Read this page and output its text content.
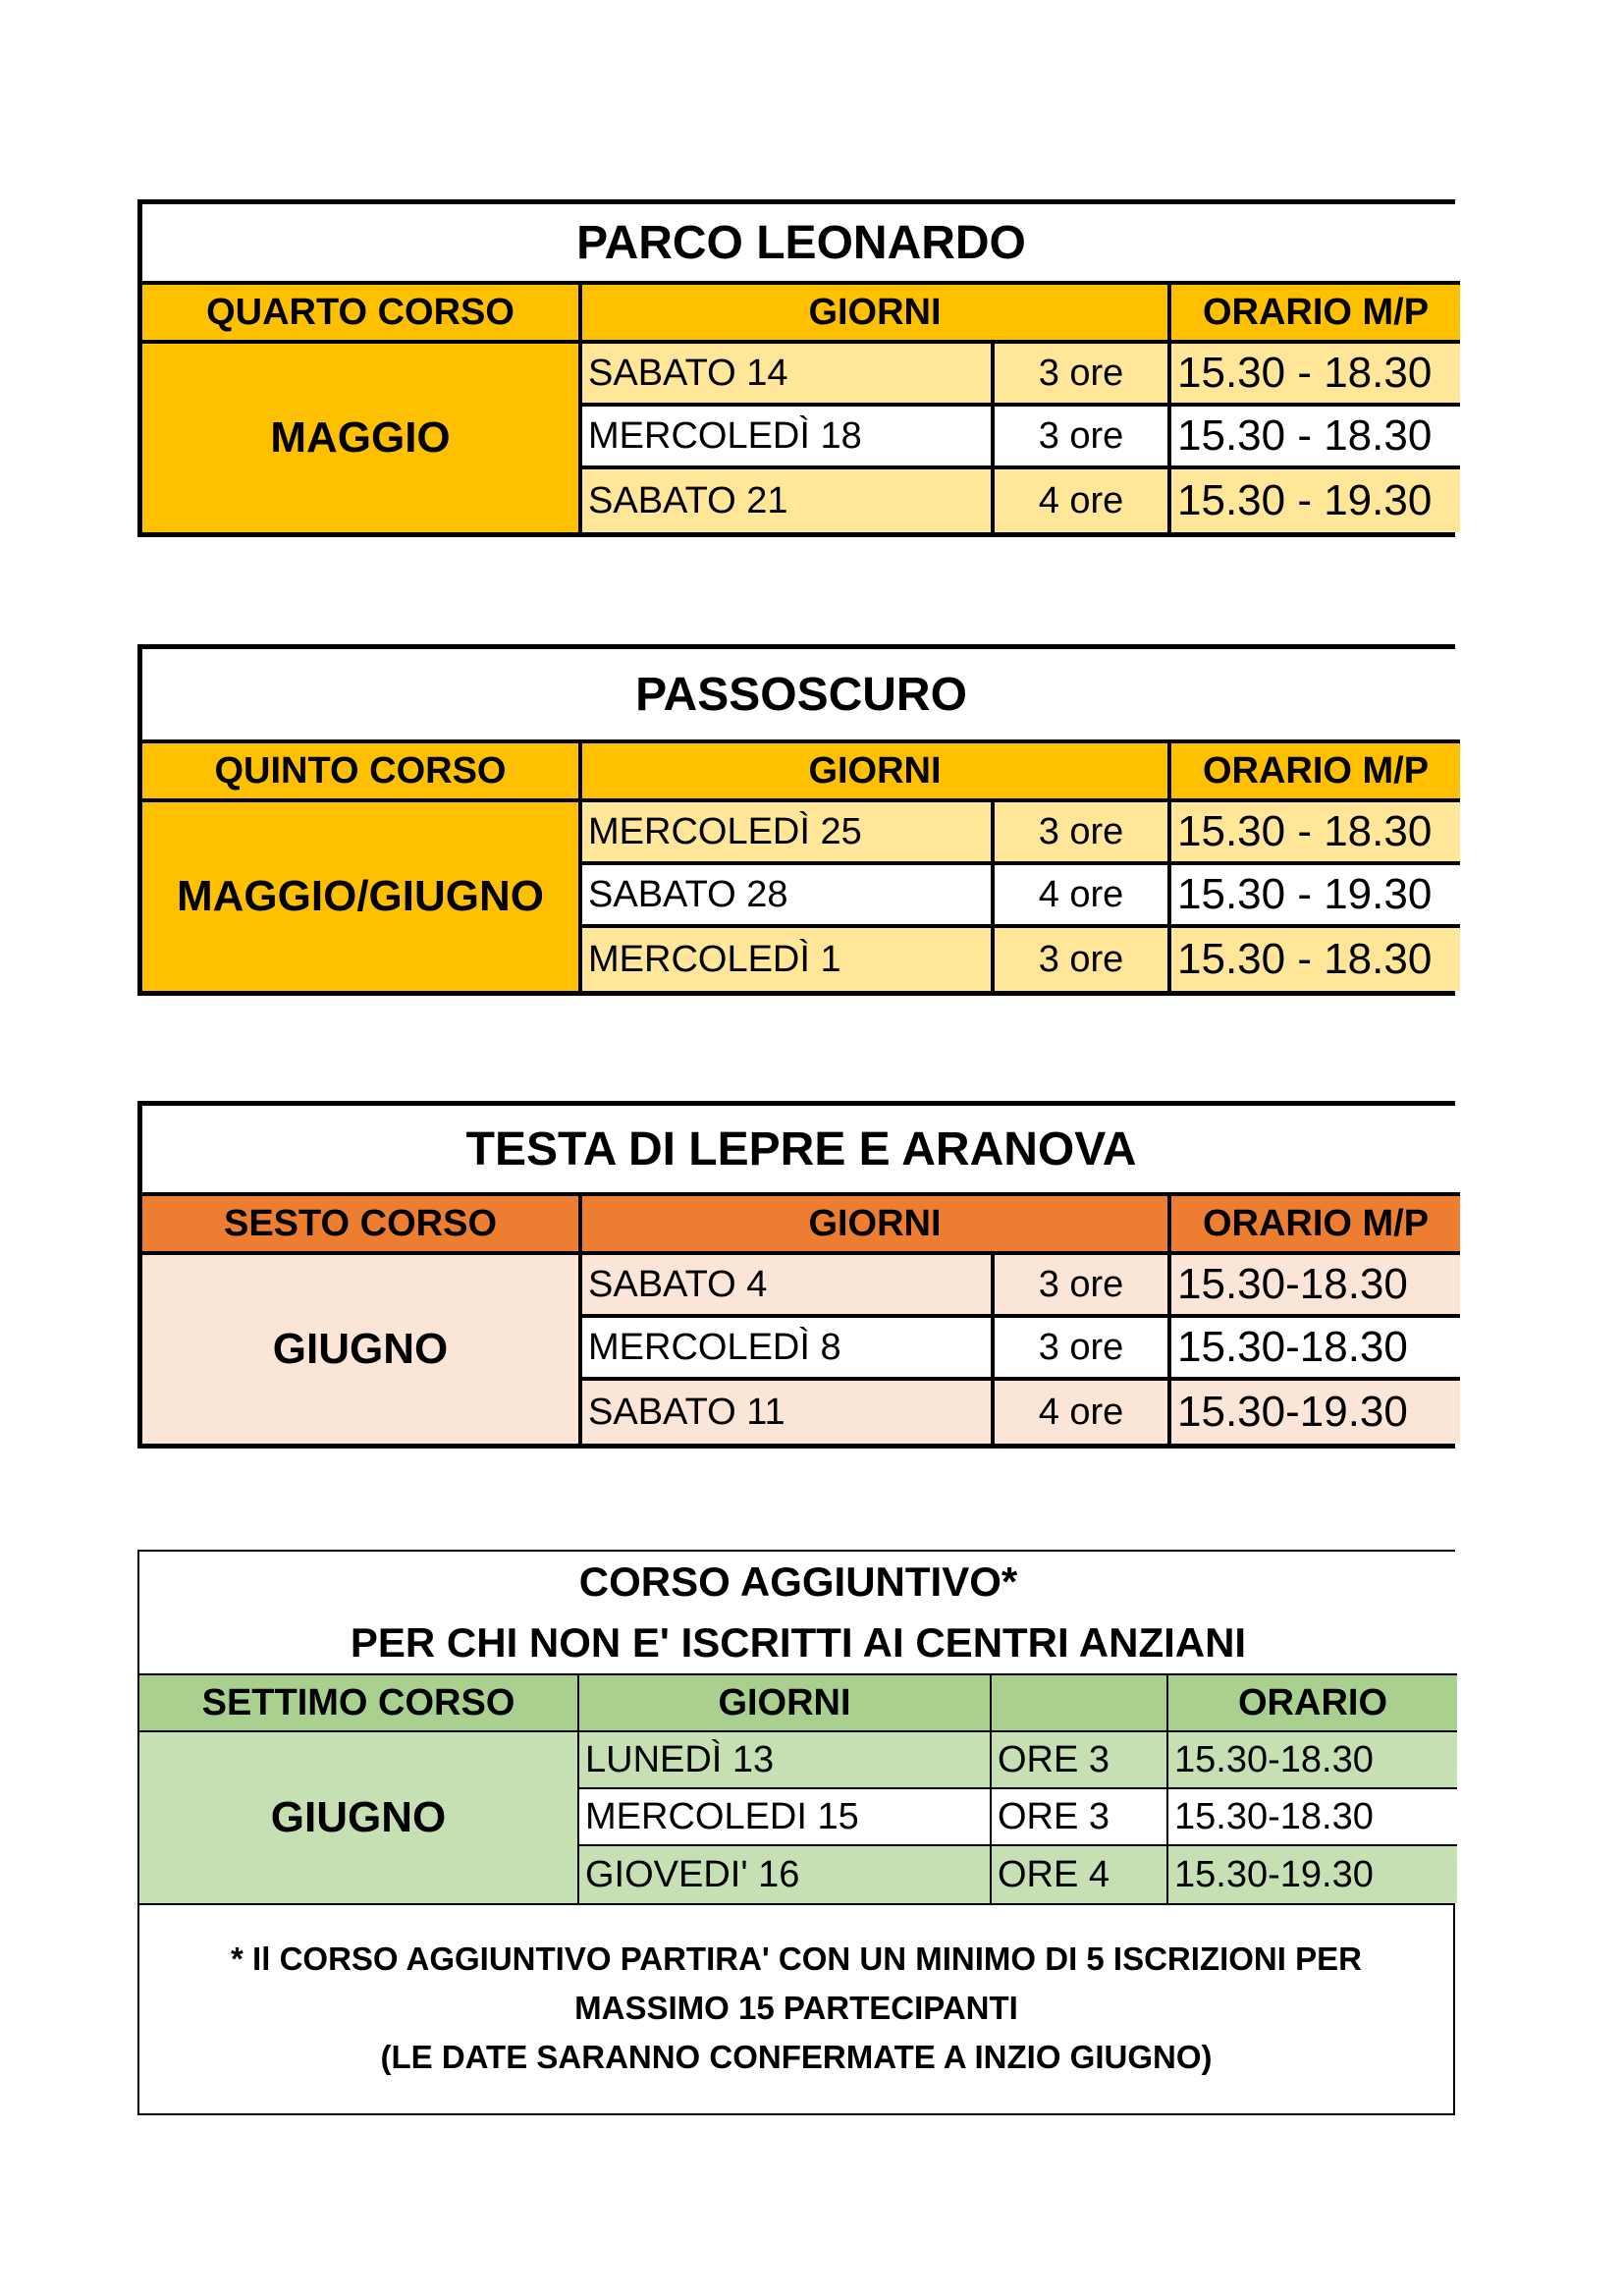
PARCO LEONARDO
QUARTO CORSO	GIORNI	ORARIO M/P
MAGGIO
SABATO 14	3 ore	15.30 - 18.30
MERCOLEDÌ 18	3 ore	15.30 - 18.30
SABATO 21	4 ore	15.30 - 19.30
PASSOSCURO
QUINTO CORSO	GIORNI	ORARIO M/P
MAGGIO/GIUGNO
MERCOLEDÌ 25	3 ore	15.30 - 18.30
SABATO 28	4 ore	15.30 - 19.30
MERCOLEDÌ 1	3 ore	15.30 - 18.30
TESTA DI LEPRE E ARANOVA
SESTO CORSO	GIORNI	ORARIO M/P
GIUGNO
SABATO 4	3 ore	15.30-18.30
MERCOLEDÌ 8	3 ore	15.30-18.30
SABATO 11	4 ore	15.30-19.30
CORSO AGGIUNTIVO*
PER CHI NON E' ISCRITTI AI CENTRI ANZIANI
SETTIMO CORSO	GIORNI	ORARIO
GIUGNO
LUNEDÌ 13	ORE 3	15.30-18.30
MERCOLEDI 15	ORE 3	15.30-18.30
GIOVEDI' 16	ORE 4	15.30-19.30
* Il CORSO AGGIUNTIVO PARTIRA' CON UN MINIMO DI 5 ISCRIZIONI PER
MASSIMO 15 PARTECIPANTI
(LE DATE SARANNO CONFERMATE A INZIO GIUGNO)
